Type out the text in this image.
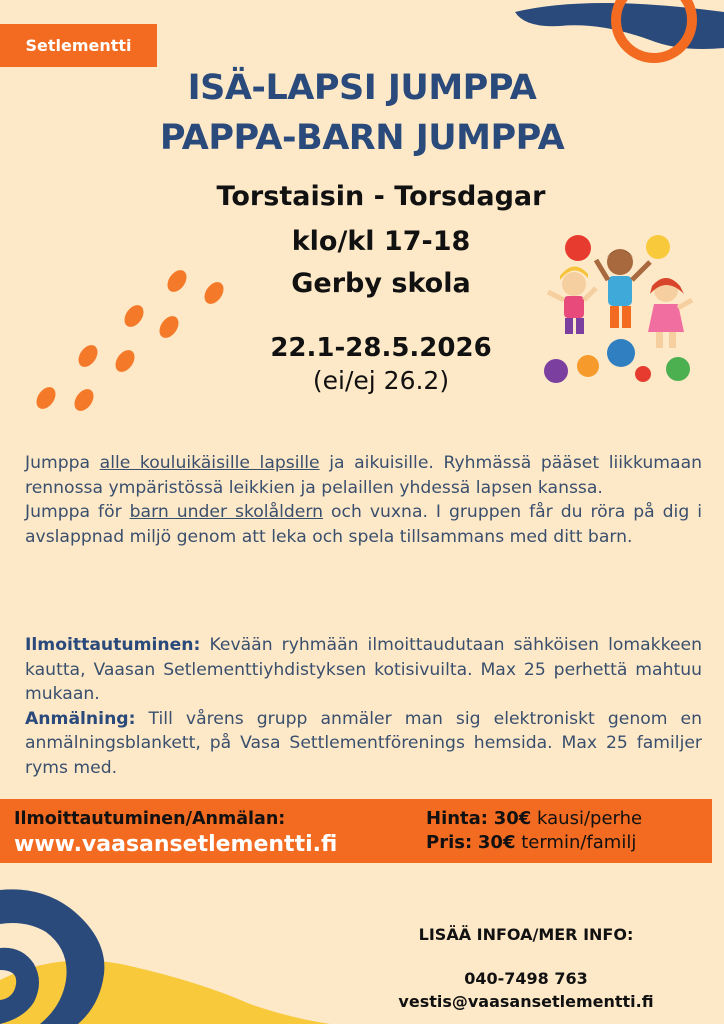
Setlementti
ISÄ-LAPSI JUMPPA
PAPPA-BARN JUMPPA
Torstaisin - Torsdagar
klo/kl 17-18
Gerby skola
22.1-28.5.2026
(ei/ej 26.2)

Jumppa alle kouluikäisille lapsille ja aikuisille. Ryhmässä pääset liikkumaan rennossa ympäristössä leikkien ja pelaillen yhdessä lapsen kanssa.

Jumppa för barn under skolåldern och vuxna. I gruppen får du röra på dig i avslappnad miljö genom att leka och spela tillsammans med ditt barn.

Ilmoittautuminen: Kevään ryhmään ilmoittaudutaan sähköisen lomakkeen kautta, Vaasan Setlementtiyhdistyksen kotisivuilta. Max 25 perhettä mahtuu mukaan.

Anmälning: Till vårens grupp anmäler man sig elektroniskt genom en anmälningsblankett, på Vasa Settlementförenings hemsida. Max 25 familjer ryms med.

Ilmoittautuminen/Anmälan:
www.vaasansetlementti.fi
Hinta: 30€ kausi/perhe
Pris: 30€ termin/familj
LISÄÄ INFOA/MER INFO:
040-7498 763
vestis@vaasansetlementti.fi
